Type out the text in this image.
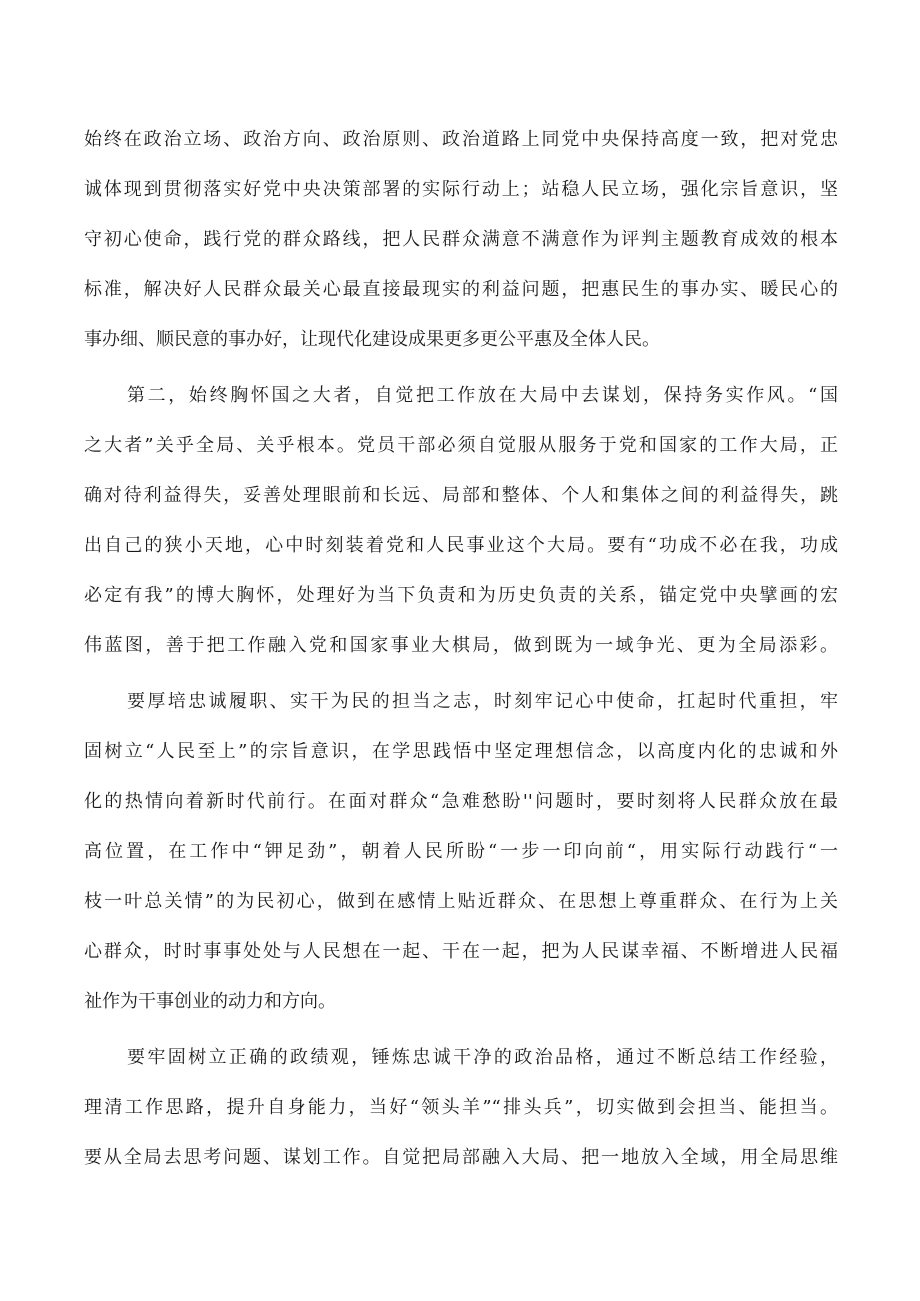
始终在政治立场、政治方向、政治原则、政治道路上同党中央保持高度一致，把对党忠
诚体现到贯彻落实好党中央决策部署的实际行动上；站稳人民立场，强化宗旨意识，坚
守初心使命，践行党的群众路线，把人民群众满意不满意作为评判主题教育成效的根本
标准，解决好人民群众最关心最直接最现实的利益问题，把惠民生的事办实、暖民心的
事办细、顺民意的事办好，让现代化建设成果更多更公平惠及全体人民。
第二，始终胸怀国之大者，自觉把工作放在大局中去谋划，保持务实作风。“国
之大者”关乎全局、关乎根本。党员干部必须自觉服从服务于党和国家的工作大局，正
确对待利益得失，妥善处理眼前和长远、局部和整体、个人和集体之间的利益得失，跳
出自己的狭小天地，心中时刻装着党和人民事业这个大局。要有“功成不必在我，功成
必定有我”的博大胸怀，处理好为当下负责和为历史负责的关系，锚定党中央擘画的宏
伟蓝图，善于把工作融入党和国家事业大棋局，做到既为一域争光、更为全局添彩。
要厚培忠诚履职、实干为民的担当之志，时刻牢记心中使命，扛起时代重担，牢
固树立“人民至上”的宗旨意识，在学思践悟中坚定理想信念，以高度内化的忠诚和外
化的热情向着新时代前行。在面对群众“急难愁盼''问题时，要时刻将人民群众放在最
高位置，在工作中“钾足劲”，朝着人民所盼“一步一印向前“，用实际行动践行“一
枝一叶总关情”的为民初心，做到在感情上贴近群众、在思想上尊重群众、在行为上关
心群众，时时事事处处与人民想在一起、干在一起，把为人民谋幸福、不断增进人民福
祉作为干事创业的动力和方向。
要牢固树立正确的政绩观，锤炼忠诚干净的政治品格，通过不断总结工作经验，
理清工作思路，提升自身能力，当好“领头羊”“排头兵”，切实做到会担当、能担当。
要从全局去思考问题、谋划工作。自觉把局部融入大局、把一地放入全域，用全局思维
